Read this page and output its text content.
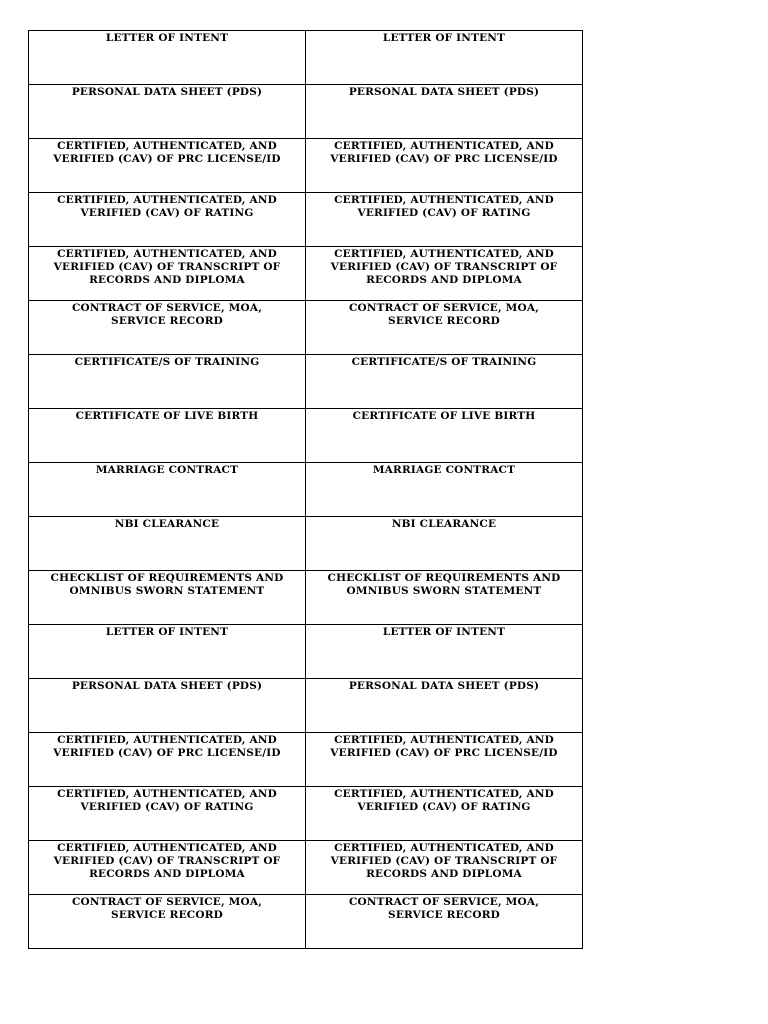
LETTER OF INTENT	LETTER OF INTENT

PERSONAL DATA SHEET (PDS)	PERSONAL DATA SHEET (PDS)

CERTIFIED, AUTHENTICATED, AND
VERIFIED (CAV) OF PRC LICENSE/ID	CERTIFIED, AUTHENTICATED, AND
VERIFIED (CAV) OF PRC LICENSE/ID

CERTIFIED, AUTHENTICATED, AND
VERIFIED (CAV) OF RATING	CERTIFIED, AUTHENTICATED, AND
VERIFIED (CAV) OF RATING

CERTIFIED, AUTHENTICATED, AND
VERIFIED (CAV) OF TRANSCRIPT OF
RECORDS AND DIPLOMA	CERTIFIED, AUTHENTICATED, AND
VERIFIED (CAV) OF TRANSCRIPT OF
RECORDS AND DIPLOMA

CONTRACT OF SERVICE, MOA,
SERVICE RECORD	CONTRACT OF SERVICE, MOA,
SERVICE RECORD

CERTIFICATE/S OF TRAINING	CERTIFICATE/S OF TRAINING

CERTIFICATE OF LIVE BIRTH	CERTIFICATE OF LIVE BIRTH

MARRIAGE CONTRACT	MARRIAGE CONTRACT

NBI CLEARANCE	NBI CLEARANCE

CHECKLIST OF REQUIREMENTS AND
OMNIBUS SWORN STATEMENT	CHECKLIST OF REQUIREMENTS AND
OMNIBUS SWORN STATEMENT

LETTER OF INTENT	LETTER OF INTENT

PERSONAL DATA SHEET (PDS)	PERSONAL DATA SHEET (PDS)

CERTIFIED, AUTHENTICATED, AND
VERIFIED (CAV) OF PRC LICENSE/ID	CERTIFIED, AUTHENTICATED, AND
VERIFIED (CAV) OF PRC LICENSE/ID

CERTIFIED, AUTHENTICATED, AND
VERIFIED (CAV) OF RATING	CERTIFIED, AUTHENTICATED, AND
VERIFIED (CAV) OF RATING

CERTIFIED, AUTHENTICATED, AND
VERIFIED (CAV) OF TRANSCRIPT OF
RECORDS AND DIPLOMA	CERTIFIED, AUTHENTICATED, AND
VERIFIED (CAV) OF TRANSCRIPT OF
RECORDS AND DIPLOMA

CONTRACT OF SERVICE, MOA,
SERVICE RECORD	CONTRACT OF SERVICE, MOA,
SERVICE RECORD
